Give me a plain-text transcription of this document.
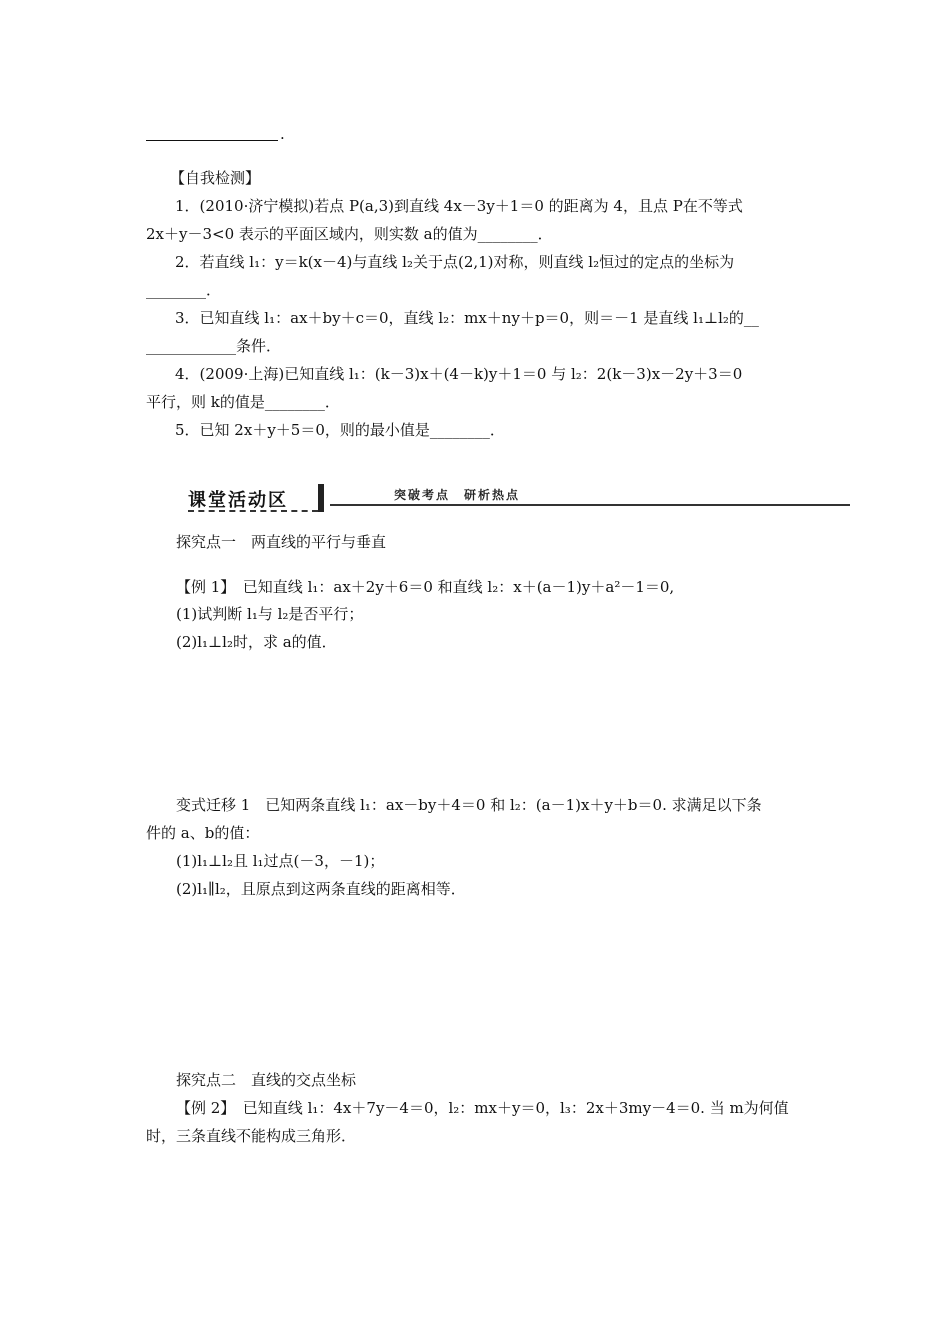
.
【自我检测】
1．(2010·济宁模拟)若点 P(a,3)到直线 4x－3y＋1＝0 的距离为 4，且点 P在不等式
2x＋y－3<0 表示的平面区域内，则实数 a的值为________．
2．若直线 l₁：y＝k(x－4)与直线 l₂关于点(2,1)对称，则直线 l₂恒过的定点的坐标为
________．
3．已知直线 l₁：ax＋by＋c＝0，直线 l₂：mx＋ny＋p＝0，则＝－1 是直线 l₁⊥l₂的__
____________条件．
4．(2009·上海)已知直线 l₁：(k－3)x＋(4－k)y＋1＝0 与 l₂：2(k－3)x－2y＋3＝0
平行，则 k的值是________．
5．已知 2x＋y＋5＝0，则的最小值是________．
课堂活动区	突破考点　研析热点
探究点一　两直线的平行与垂直
【例 1】　已知直线 l₁：ax＋2y＋6＝0 和直线 l₂：x＋(a－1)y＋a²－1＝0,
(1)试判断 l₁与 l₂是否平行；
(2)l₁⊥l₂时，求 a的值．
变式迁移 1　已知两条直线 l₁：ax－by＋4＝0 和 l₂：(a－1)x＋y＋b＝0. 求满足以下条
件的 a、b的值：
(1)l₁⊥l₂且 l₁过点(－3，－1)；
(2)l₁∥l₂，且原点到这两条直线的距离相等．
探究点二　直线的交点坐标
【例 2】　已知直线 l₁：4x＋7y－4＝0，l₂：mx＋y＝0，l₃：2x＋3my－4＝0. 当 m为何值
时，三条直线不能构成三角形．
